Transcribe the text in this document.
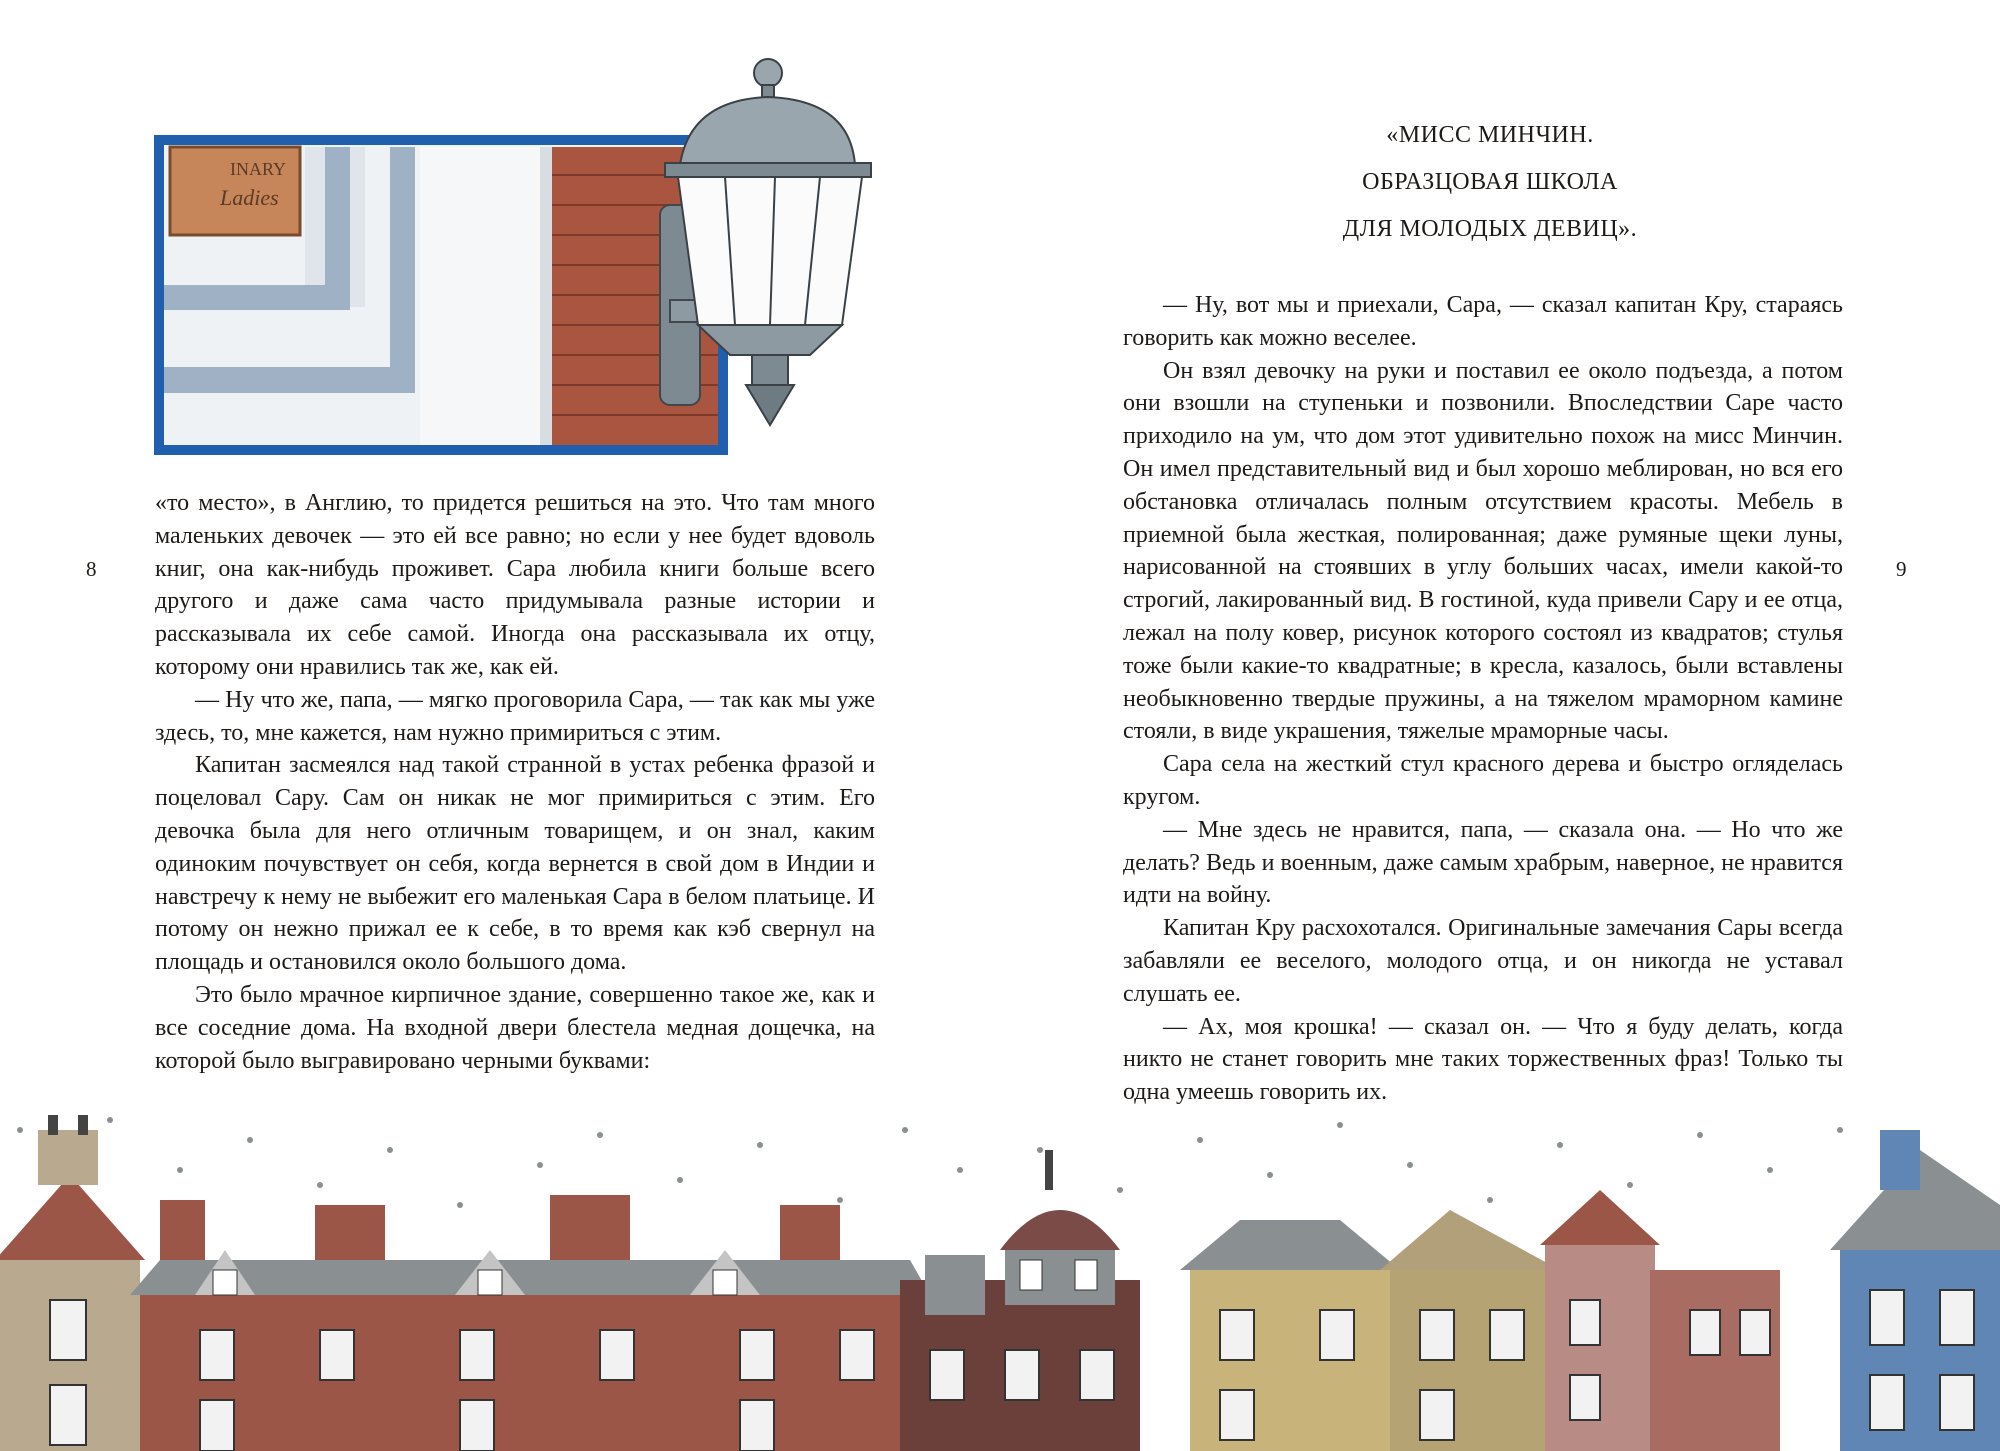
8	9
INARY
Ladies
«МИСС МИНЧИН.
ОБРАЗЦОВАЯ ШКОЛА
ДЛЯ МОЛОДЫХ ДЕВИЦ».

«то место», в Англию, то придется решиться на это. Что там много маленьких девочек — это ей все равно; но если у нее будет вдоволь книг, она как-нибудь проживет. Сара любила книги больше всего другого и даже сама часто придумывала разные истории и рассказывала их себе самой. Иногда она рассказывала их отцу, которому они нравились так же, как ей.

— Ну что же, папа, — мягко проговорила Сара, — так как мы уже здесь, то, мне кажется, нам нужно примириться с этим.

Капитан засмеялся над такой странной в устах ребенка фразой и поцеловал Сару. Сам он никак не мог примириться с этим. Его девочка была для него отличным товарищем, и он знал, каким одиноким почувствует он себя, когда вернется в свой дом в Индии и навстречу к нему не выбежит его маленькая Сара в белом платьице. И потому он нежно прижал ее к себе, в то время как кэб свернул на площадь и остановился около большого дома.

Это было мрачное кирпичное здание, совершенно такое же, как и все соседние дома. На входной двери блестела медная дощечка, на которой было выгравировано черными буквами:

— Ну, вот мы и приехали, Сара, — сказал капитан Кру, стараясь говорить как можно веселее.

Он взял девочку на руки и поставил ее около подъезда, а потом они взошли на ступеньки и позвонили. Впоследствии Саре часто приходило на ум, что дом этот удивительно похож на мисс Минчин. Он имел представительный вид и был хорошо меблирован, но вся его обстановка отличалась полным отсутствием красоты. Мебель в приемной была жесткая, полированная; даже румяные щеки луны, нарисованной на стоявших в углу больших часах, имели какой-то строгий, лакированный вид. В гостиной, куда привели Сару и ее отца, лежал на полу ковер, рисунок которого состоял из квадратов; стулья тоже были какие-то квадратные; в кресла, казалось, были вставлены необыкновенно твердые пружины, а на тяжелом мраморном камине стояли, в виде украшения, тяжелые мраморные часы.

Сара села на жесткий стул красного дерева и быстро огляделась кругом.

— Мне здесь не нравится, папа, — сказала она. — Но что же делать? Ведь и военным, даже самым храбрым, наверное, не нравится идти на войну.

Капитан Кру расхохотался. Оригинальные замечания Сары всегда забавляли ее веселого, молодого отца, и он никогда не уставал слушать ее.

— Ах, моя крошка! — сказал он. — Что я буду делать, когда никто не станет говорить мне таких торжественных фраз! Только ты одна умеешь говорить их.
